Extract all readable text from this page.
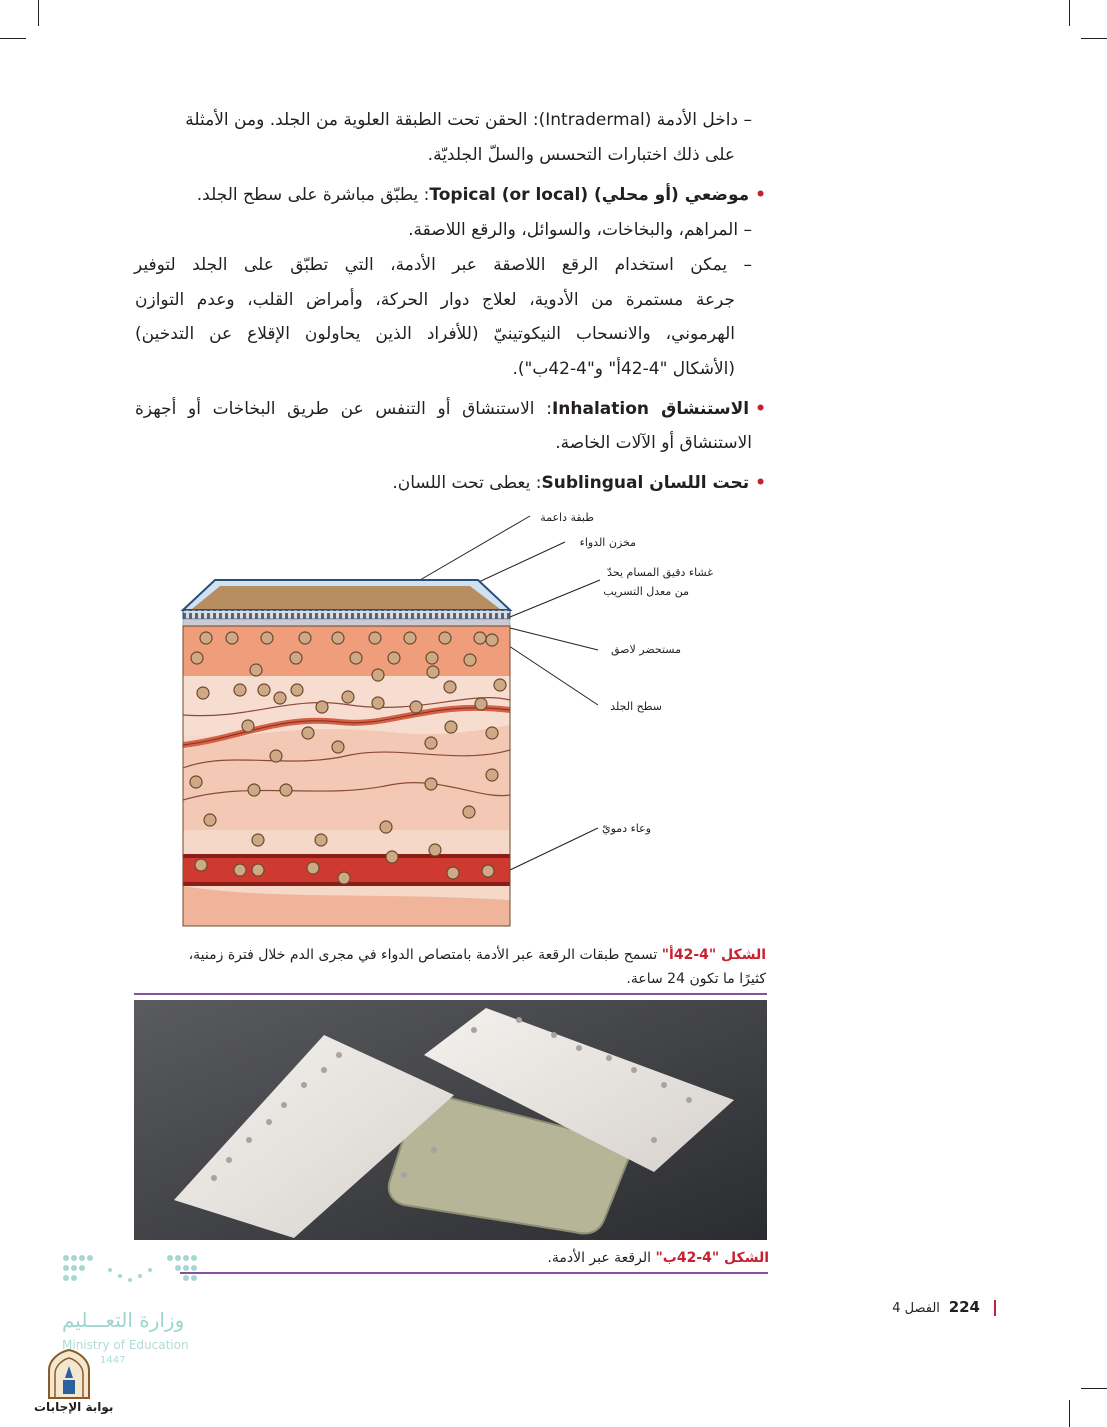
– داخل الأدمة (Intradermal): الحقن تحت الطبقة العلوية من الجلد. ومن الأمثلة
على ذلك اختبارات التحسس والسلّ الجلديّة.
•موضعي (أو محلي) (Topical (or local: يطبّق مباشرة على سطح الجلد.
– المراهم، والبخاخات، والسوائل، والرقع اللاصقة.
– يمكن استخدام الرقع اللاصقة عبر الأدمة، التي تطبّق على الجلد لتوفير
جرعة مستمرة من الأدوية، لعلاج دوار الحركة، وأمراض القلب، وعدم التوازن
الهرموني، والانسحاب النيكوتينيّ (للأفراد الذين يحاولون الإقلاع عن التدخين)
(الأشكال "4-42أ" و"4-42ب").
•الاستنشاق Inhalation: الاستنشاق أو التنفس عن طريق البخاخات أو أجهزة
الاستنشاق أو الآلات الخاصة.
•تحت اللسان Sublingual: يعطى تحت اللسان.
طبقة داعمة
مخزن الدواء
غشاء دقيق المسام يحدّ
من معدل التسريب
مستحضر لاصق
سطح الجلد
وعاء دمويّ
الشكل "4-42أ" تسمح طبقات الرقعة عبر الأدمة بامتصاص الدواء في مجرى الدم خلال فترة زمنية،
كثيرًا ما تكون 24 ساعة.
الشكل "4-42ب" الرقعة عبر الأدمة.
وزارة التعـــليم
Ministry of Education
1447
224 الفصل 4
بوابة الإجابات
